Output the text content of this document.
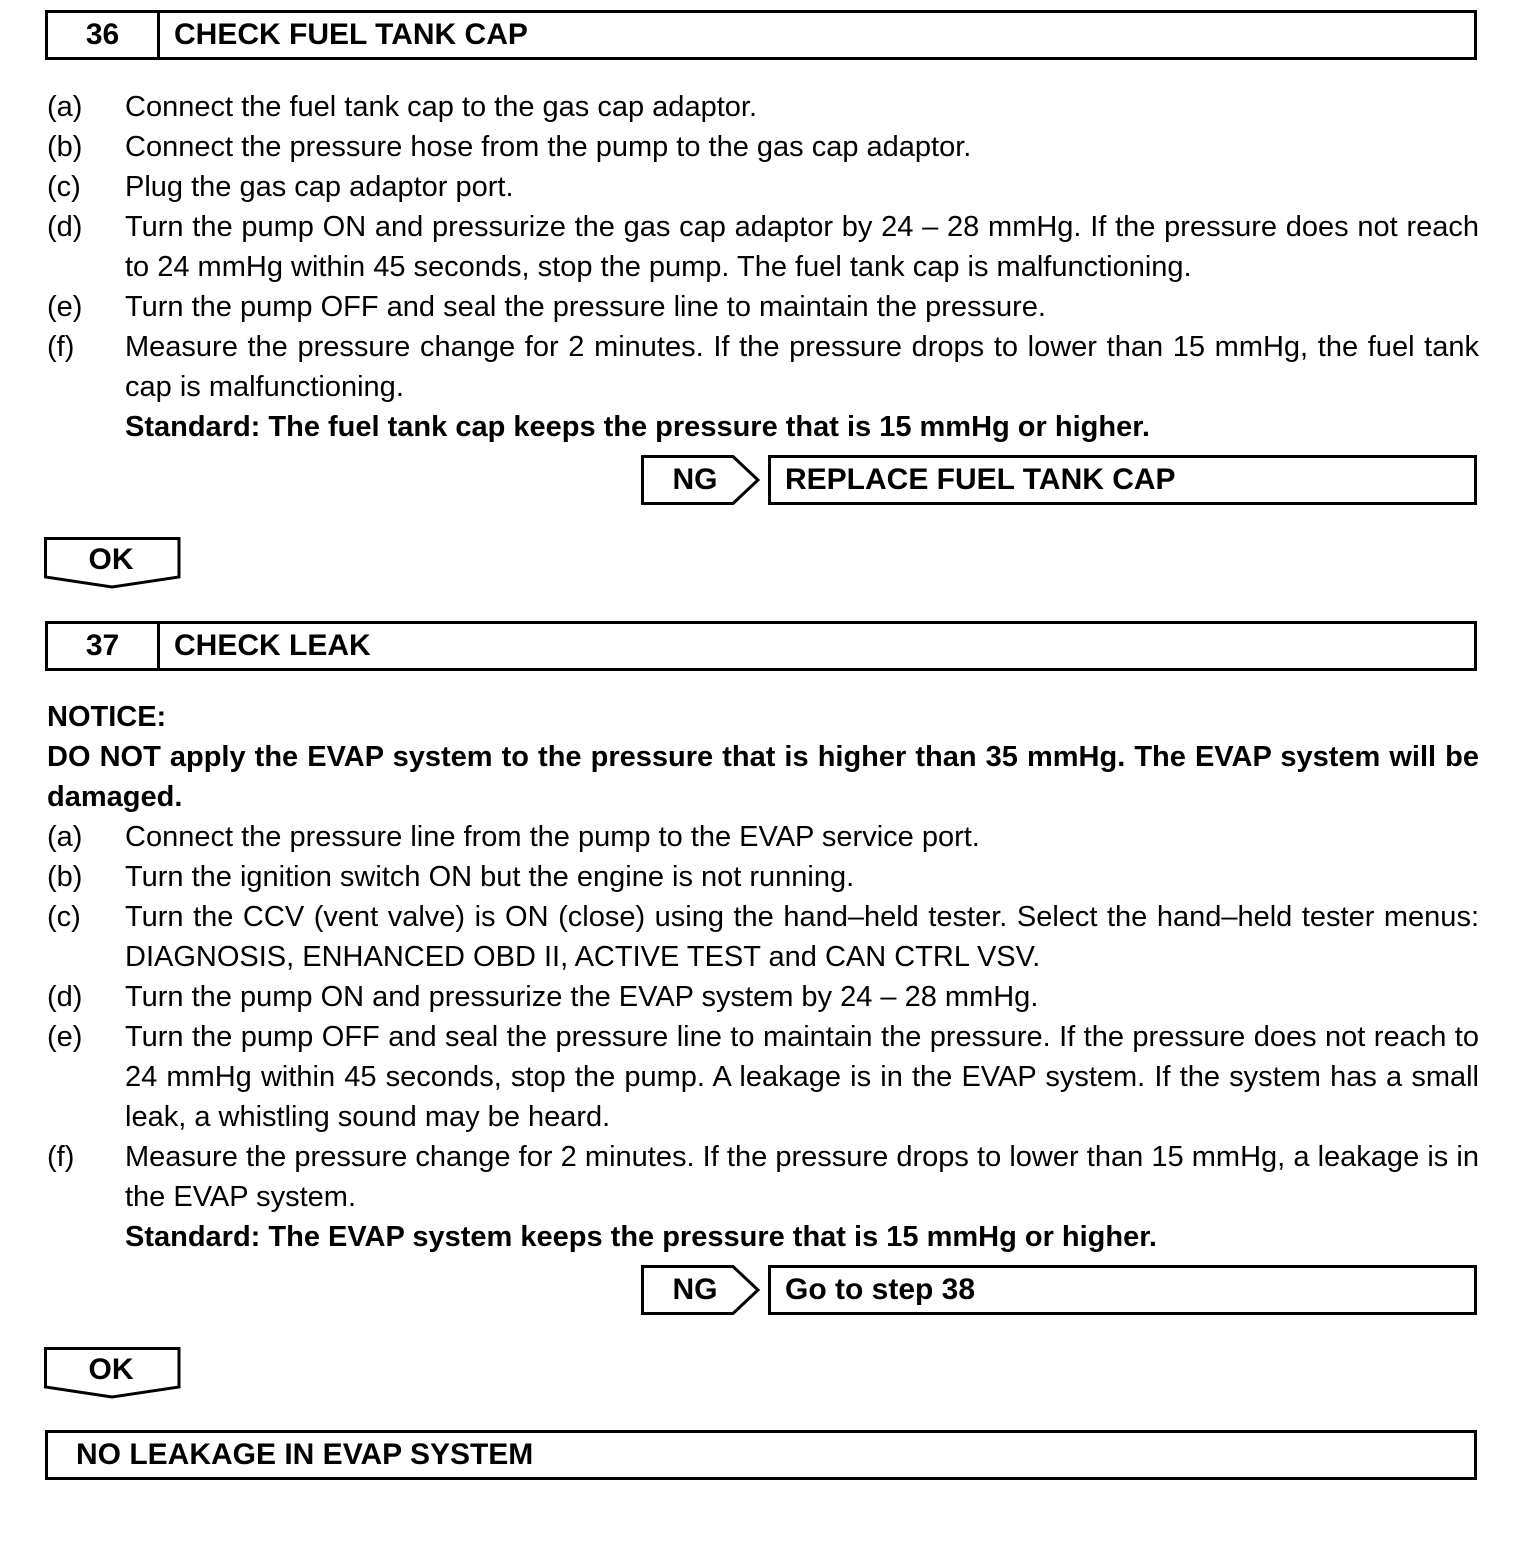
36	CHECK FUEL TANK CAP
(a) Connect the fuel tank cap to the gas cap adaptor.
(b) Connect the pressure hose from the pump to the gas cap adaptor.
(c) Plug the gas cap adaptor port.
(d) Turn the pump ON and pressurize the gas cap adaptor by 24 – 28 mmHg. If the pressure does not reach to 24 mmHg within 45 seconds, stop the pump. The fuel tank cap is malfunctioning.
(e) Turn the pump OFF and seal the pressure line to maintain the pressure.
(f) Measure the pressure change for 2 minutes. If the pressure drops to lower than 15 mmHg, the fuel tank cap is malfunctioning.
Standard: The fuel tank cap keeps the pressure that is 15 mmHg or higher.
NG	REPLACE FUEL TANK CAP
OK
37	CHECK LEAK
NOTICE:
DO NOT apply the EVAP system to the pressure that is higher than 35 mmHg. The EVAP system will be damaged.
(a) Connect the pressure line from the pump to the EVAP service port.
(b) Turn the ignition switch ON but the engine is not running.
(c) Turn the CCV (vent valve) is ON (close) using the hand–held tester. Select the hand–held tester menus: DIAGNOSIS, ENHANCED OBD II, ACTIVE TEST and CAN CTRL VSV.
(d) Turn the pump ON and pressurize the EVAP system by 24 – 28 mmHg.
(e) Turn the pump OFF and seal the pressure line to maintain the pressure. If the pressure does not reach to 24 mmHg within 45 seconds, stop the pump. A leakage is in the EVAP system. If the system has a small leak, a whistling sound may be heard.
(f) Measure the pressure change for 2 minutes. If the pressure drops to lower than 15 mmHg, a leakage is in the EVAP system.
Standard: The EVAP system keeps the pressure that is 15 mmHg or higher.
NG	Go to step 38
OK
NO LEAKAGE IN EVAP SYSTEM
